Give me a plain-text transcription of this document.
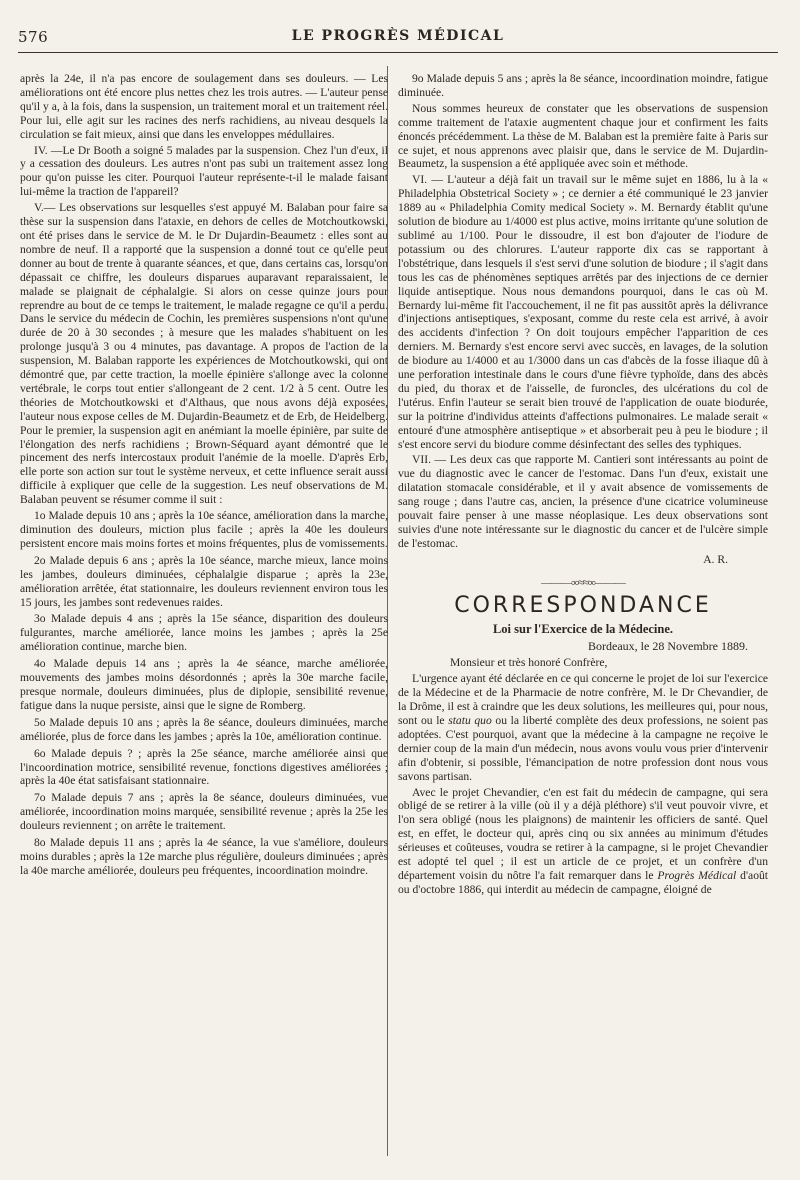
576	LE PROGRÈS MÉDICAL

après la 24e, il n'a pas encore de soulagement dans ses douleurs. — Les améliorations ont été encore plus nettes chez les trois autres. — L'auteur pense qu'il y a, à la fois, dans la suspension, un traitement moral et un traitement réel. Pour lui, elle agit sur les racines des nerfs rachidiens, au niveau desquels la circulation se fait mieux, ainsi que dans les enveloppes médullaires.

IV. —Le Dr Booth a soigné 5 malades par la suspension. Chez l'un d'eux, il y a cessation des douleurs. Les autres n'ont pas subi un traitement assez long pour qu'on puisse les citer. Pourquoi l'auteur représente-t-il le malade faisant lui-même la traction de l'appareil?

V.— Les observations sur lesquelles s'est appuyé M. Balaban pour faire sa thèse sur la suspension dans l'ataxie, en dehors de celles de Motchoutkowski, ont été prises dans le service de M. le Dr Dujardin-Beaumetz : elles sont au nombre de neuf. Il a rapporté que la suspension a donné tout ce qu'elle peut donner au bout de trente à quarante séances, et que, dans certains cas, lorsqu'on dépassait ce chiffre, les douleurs disparues auparavant reparaissaient, le malade se plaignait de céphalalgie. Si alors on cesse quinze jours pour reprendre au bout de ce temps le traitement, le malade regagne ce qu'il a perdu. Dans le service du médecin de Cochin, les premières suspensions n'ont qu'une durée de 20 à 30 secondes ; à mesure que les malades s'habituent on les prolonge jusqu'à 3 ou 4 minutes, pas davantage. A propos de l'action de la suspension, M. Balaban rapporte les expériences de Motchoutkowski, qui ont démontré que, par cette traction, la moelle épinière s'allonge avec la colonne vertébrale, le corps tout entier s'allongeant de 2 cent. 1/2 à 5 cent. Outre les théories de Motchoutkowski et d'Althaus, que nous avons déjà exposées, l'auteur nous expose celles de M. Dujardin-Beaumetz et de Erb, de Heidelberg. Pour le premier, la suspension agit en anémiant la moelle épinière, par suite de l'élongation des nerfs rachidiens ; Brown-Séquard ayant démontré que le pincement des nerfs intercostaux produit l'anémie de la moelle. D'après Erb, elle porte son action sur tout le système nerveux, et cette influence serait aussi difficile à expliquer que celle de la suggestion. Les neuf observations de M. Balaban peuvent se résumer comme il suit :

1o Malade depuis 10 ans ; après la 10e séance, amélioration dans la marche, diminution des douleurs, miction plus facile ; après la 40e les douleurs persistent encore mais moins fortes et moins fréquentes, plus de vomissements.

2o Malade depuis 6 ans ; après la 10e séance, marche mieux, lance moins les jambes, douleurs diminuées, céphalalgie disparue ; après la 23e, amélioration arrêtée, état stationnaire, les douleurs reviennent environ tous les 15 jours, les jambes sont redevenues raides.

3o Malade depuis 4 ans ; après la 15e séance, disparition des douleurs fulgurantes, marche améliorée, lance moins les jambes ; après la 25e amélioration continue, marche bien.

4o Malade depuis 14 ans ; après la 4e séance, marche améliorée, mouvements des jambes moins désordonnés ; après la 30e marche facile, presque normale, douleurs diminuées, plus de diplopie, sensibilité revenue, fatigue dans la nuque persiste, ainsi que le signe de Romberg.

5o Malade depuis 10 ans ; après la 8e séance, douleurs diminuées, marche améliorée, plus de force dans les jambes ; après la 10e, amélioration continue.

6o Malade depuis ? ; après la 25e séance, marche améliorée ainsi que l'incoordination motrice, sensibilité revenue, fonctions digestives améliorées ; après la 40e état satisfaisant stationnaire.

7o Malade depuis 7 ans ; après la 8e séance, douleurs diminuées, vue améliorée, incoordination moins marquée, sensibilité revenue ; après la 25e les douleurs reviennent ; on arrête le traitement.

8o Malade depuis 11 ans ; après la 4e séance, la vue s'améliore, douleurs moins durables ; après la 12e marche plus régulière, douleurs diminuées ; après la 40e marche améliorée, douleurs peu fréquentes, incoordination moindre.

9o Malade depuis 5 ans ; après la 8e séance, incoordination moindre, fatigue diminuée.

Nous sommes heureux de constater que les observations de suspension comme traitement de l'ataxie augmentent chaque jour et confirment les faits énoncés précédemment. La thèse de M. Balaban est la première faite à Paris sur ce sujet, et nous apprenons avec plaisir que, dans le service de M. Dujardin-Beaumetz, la suspension a été appliquée avec soin et méthode.

VI. — L'auteur a déjà fait un travail sur le même sujet en 1886, lu à la « Philadelphia Obstetrical Society » ; ce dernier a été communiqué le 23 janvier 1889 au « Philadelphia Comity medical Society ». M. Bernardy établit qu'une solution de biodure au 1/4000 est plus active, moins irritante qu'une solution de sublimé au 1/100. Pour le dissoudre, il est bon d'ajouter de l'iodure de potassium ou des chlorures. L'auteur rapporte dix cas se rapportant à l'obstétrique, dans lesquels il s'est servi d'une solution de biodure ; il s'agit dans tous les cas de phénomènes septiques arrêtés par des injections de ce dernier liquide antiseptique. Nous nous demandons pourquoi, dans le cas où M. Bernardy lui-même fit l'accouchement, il ne fit pas aussitôt après la délivrance d'injections antiseptiques, s'exposant, comme du reste cela est arrivé, à avoir des accidents d'infection ? On doit toujours empêcher l'apparition de ces derniers. M. Bernardy s'est encore servi avec succès, en lavages, de la solution de biodure au 1/4000 et au 1/3000 dans un cas d'abcès de la fosse iliaque dû à une perforation intestinale dans le cours d'une fièvre typhoïde, dans des abcès du pied, du thorax et de l'aisselle, de furoncles, des ulcérations du col de l'utérus. Enfin l'auteur se serait bien trouvé de l'application de ouate biodurée, sur la poitrine d'individus atteints d'affections pulmonaires. Le malade serait « entouré d'une atmosphère antiseptique » et absorberait peu à peu le biodure ; il s'est encore servi du biodure comme désinfectant des selles des typhiques.

VII. — Les deux cas que rapporte M. Cantieri sont intéressants au point de vue du diagnostic avec le cancer de l'estomac. Dans l'un d'eux, existait une dilatation stomacale considérable, et il y avait absence de vomissements de sang rouge ; dans l'autre cas, ancien, la présence d'une cicatrice volumineuse pouvait faire penser à une masse néoplasique. Les deux observations sont suivies d'une note intéressante sur le diagnostic du cancer et de l'ulcère simple de l'estomac.

A. R.

———∞≈≈∞———
CORRESPONDANCE
Loi sur l'Exercice de la Médecine.
Bordeaux, le 28 Novembre 1889.

Monsieur et très honoré Confrère,

L'urgence ayant été déclarée en ce qui concerne le projet de loi sur l'exercice de la Médecine et de la Pharmacie de notre confrère, M. le Dr Chevandier, de la Drôme, il est à craindre que les deux solutions, les meilleures qui, pour nous, sont ou le statu quo ou la liberté complète des deux professions, ne soient pas adoptées. C'est pourquoi, avant que la médecine à la campagne ne reçoive le dernier coup de la main d'un médecin, nous avons voulu vous prier d'intervenir afin d'obtenir, si possible, l'émancipation de notre profession dont nous vous savons partisan.

Avec le projet Chevandier, c'en est fait du médecin de campagne, qui sera obligé de se retirer à la ville (où il y a déjà pléthore) s'il veut pouvoir vivre, et l'on sera obligé (nous les plaignons) de maintenir les officiers de santé. Quel est, en effet, le docteur qui, après cinq ou six années au minimum d'études sérieuses et coûteuses, voudra se retirer à la campagne, si le projet Chevandier est adopté tel quel ; il est un article de ce projet, et un confrère d'un département voisin du nôtre l'a fait remarquer dans le Progrès Médical d'août ou d'octobre 1886, qui interdit au médecin de campagne, éloigné de
